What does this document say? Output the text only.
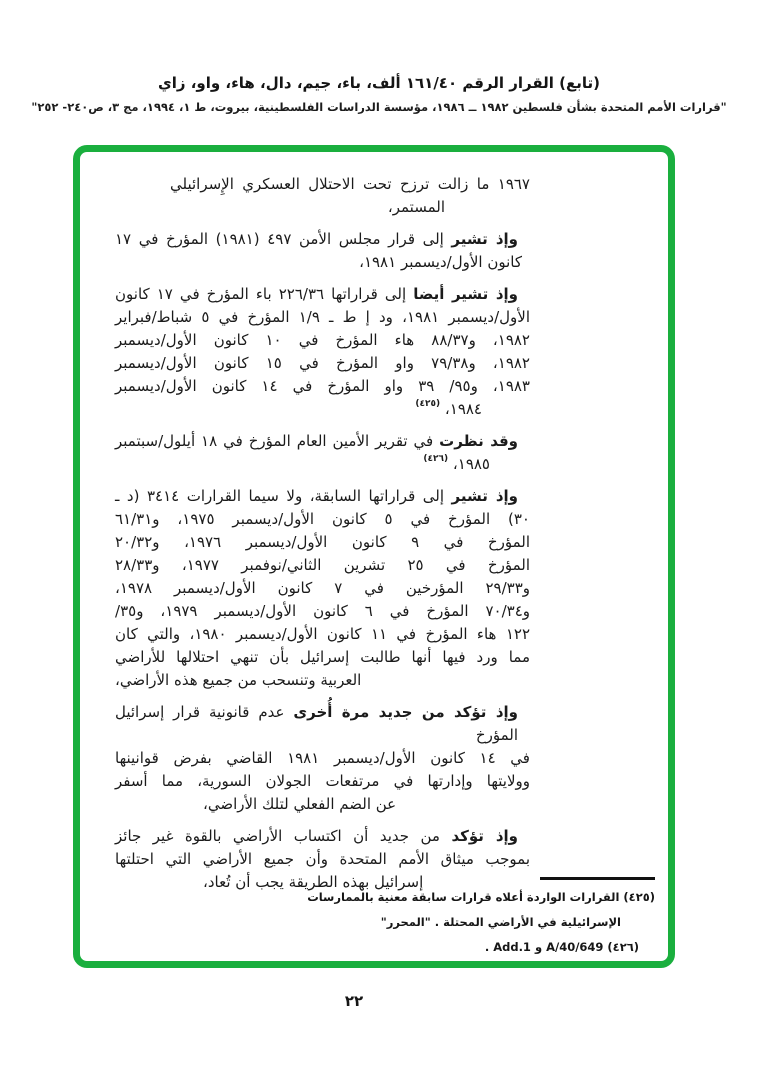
(تابع) القرار الرقم ١٦١/٤٠ ألف، باء، جيم، دال، هاء، واو، زاي
"قرارات الأمم المتحدة بشأن فلسطين ١٩٨٢ ــ ١٩٨٦، مؤسسة الدراسات الفلسطينية، بيروت، ط ١، ١٩٩٤، مج ٣، ص٢٤٠- ٢٥٢"
١٩٦٧ ما زالت ترزح تحت الاحتلال العسكري الإِسرائيلي
المستمر،
وإذ تشير إلى قرار مجلس الأمن ٤٩٧ (١٩٨١) المؤرخ في ١٧
كانون الأول/ديسمبر ١٩٨١،
وإذ تشير أيضا إلى قراراتها ٢٢٦/٣٦ باء المؤرخ في ١٧ كانون
الأول/ديسمبر ١٩٨١، ود إ ط ـ ١/٩ المؤرخ في ٥ شباط/فبراير
١٩٨٢، و٨٨/٣٧ هاء المؤرخ في ١٠ كانون الأول/ديسمبر
١٩٨٢، و٧٩/٣٨ واو المؤرخ في ١٥ كانون الأول/ديسمبر
١٩٨٣، و⁦٩٥/ ٣٩⁩ واو المؤرخ في ١٤ كانون الأول/ديسمبر
١٩٨٤، $^{(٤٢٥)}$
وقد نظرت في تقرير الأمين العام المؤرخ في ١٨ أيلول/سبتمبر
١٩٨٥، $^{(٤٢٦)}$
وإذ تشير إلى قراراتها السابقة، ولا سيما القرارات ٣٤١٤ (د ـ
٣٠) المؤرخ في ٥ كانون الأول/ديسمبر ١٩٧٥، و٦١/٣١
المؤرخ في ٩ كانون الأول/ديسمبر ١٩٧٦، و٢٠/٣٢
المؤرخ في ٢٥ تشرين الثاني/نوفمبر ١٩٧٧، و٢٨/٣٣
و٢٩/٣٣ المؤرخين في ٧ كانون الأول/ديسمبر ١٩٧٨،
و٧٠/٣٤ المؤرخ في ٦ كانون الأول/ديسمبر ١٩٧٩، و٣٥/
١٢٢ هاء المؤرخ في ١١ كانون الأول/ديسمبر ١٩٨٠، والتي كان
مما ورد فيها أنها طالبت إسرائيل بأن تنهي احتلالها للأراضي
العربية وتنسحب من جميع هذه الأراضي،
وإذ تؤكد من جديد مرة أُخرى عدم قانونية قرار إسرائيل المؤرخ
في ١٤ كانون الأول/ديسمبر ١٩٨١ القاضي بفرض قوانينها
وولايتها وإدارتها في مرتفعات الجولان السورية، مما أسفر
عن الضم الفعلي لتلك الأراضي،
وإذ تؤكد من جديد أن اكتساب الأراضي بالقوة غير جائز
بموجب ميثاق الأمم المتحدة وأن جميع الأراضي التي احتلتها
إسرائيل بهذه الطريقة يجب أن تُعاد،
(٤٢٥) القرارات الواردة أعلاه قرارات سابقة معنية بالممارسات
الإسرائيلية في الأراضي المحتلة . "المحرر"
(٤٢٦) A/40/649 و Add.1 .
٢٢
